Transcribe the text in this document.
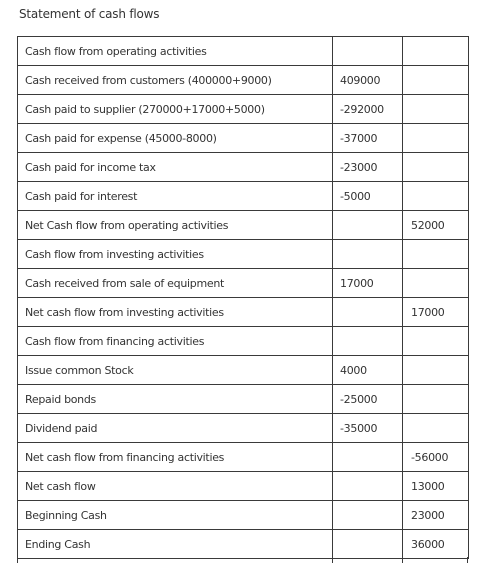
Statement of cash flows
Cash flow from operating activities		
Cash received from customers (400000+9000)	409000	
Cash paid to supplier (270000+17000+5000)	-292000	
Cash paid for expense (45000-8000)	-37000	
Cash paid for income tax	-23000	
Cash paid for interest	-5000	
Net Cash flow from operating activities		52000
Cash flow from investing activities		
Cash received from sale of equipment	17000	
Net cash flow from investing activities		17000
Cash flow from financing activities		
Issue common Stock	4000	
Repaid bonds	-25000	
Dividend paid	-35000	
Net cash flow from financing activities		-56000
Net cash flow		13000
Beginning Cash		23000
Ending Cash		36000
